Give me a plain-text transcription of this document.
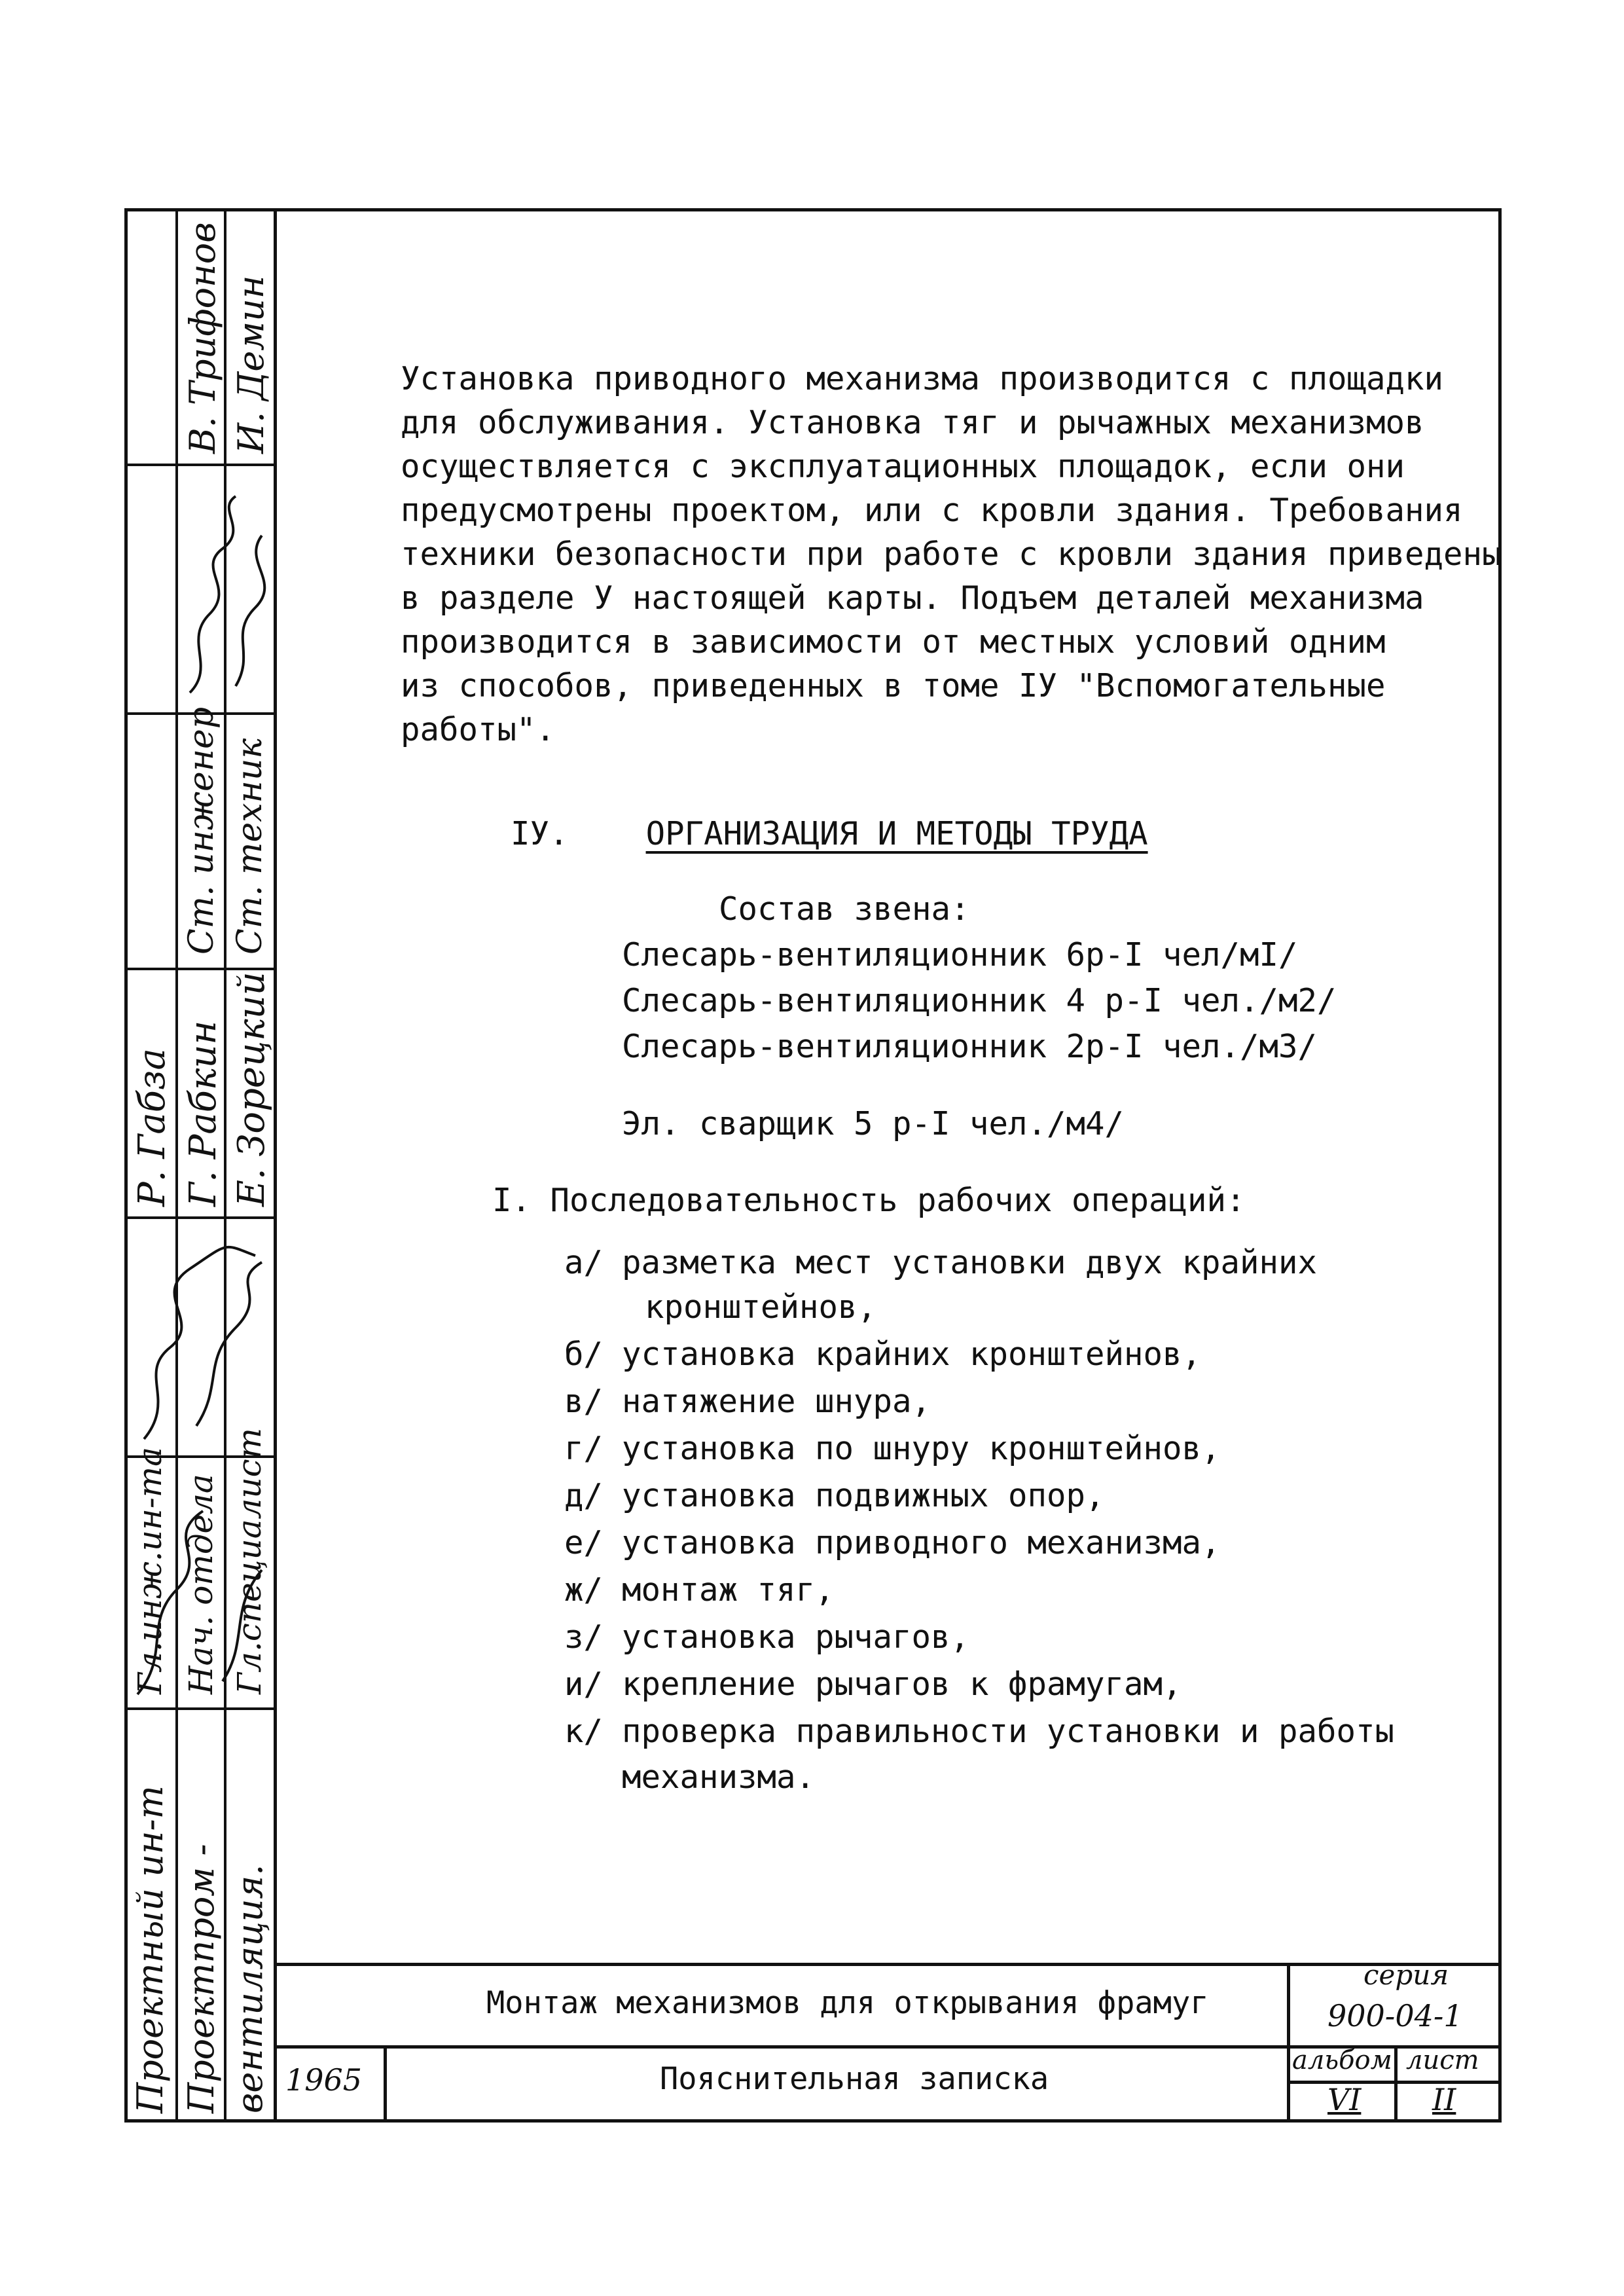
Проектный ин-т Проектпром - вентиляция.
Гл.инж.ин-та Нач. отдела Гл.специалист
Р. Габза Г. Рабкин Е. Зорецкий
Ст. инженер Ст. техник
В. Трифонов И. Демин	Установка приводного механизма производится с площадки
для обслуживания. Установка тяг и рычажных механизмов
осуществляется с эксплуатационных площадок, если они
предусмотрены проектом, или с кровли здания. Требования
техники безопасности при работе с кровли здания приведены
в разделе У настоящей карты. Подъем деталей механизма
производится в зависимости от местных условий одним
из способов, приведенных в томе IУ "Вспомогательные
работы".
IУ. ОРГАНИЗАЦИЯ И МЕТОДЫ ТРУДА
Состав звена:
Слесарь-вентиляционник 6р-I чел/мI/
Слесарь-вентиляционник 4 р-I чел./м2/
Слесарь-вентиляционник 2р-I чел./м3/
Эл. сварщик 5 р-I чел./м4/
I. Последовательность рабочих операций:
а/ разметка мест установки двух крайних
кронштейнов,
б/ установка крайних кронштейнов,
в/ натяжение шнура,
г/ установка по шнуру кронштейнов,
д/ установка подвижных опор,
е/ установка приводного механизма,
ж/ монтаж тяг,
з/ установка рычагов,
и/ крепление рычагов к фрамугам,
к/ проверка правильности установки и работы
механизма.
Монтаж механизмов для открывания фрамуг
Пояснительная записка
1965
серия
900-04-1
альбом
VI
лист
II
